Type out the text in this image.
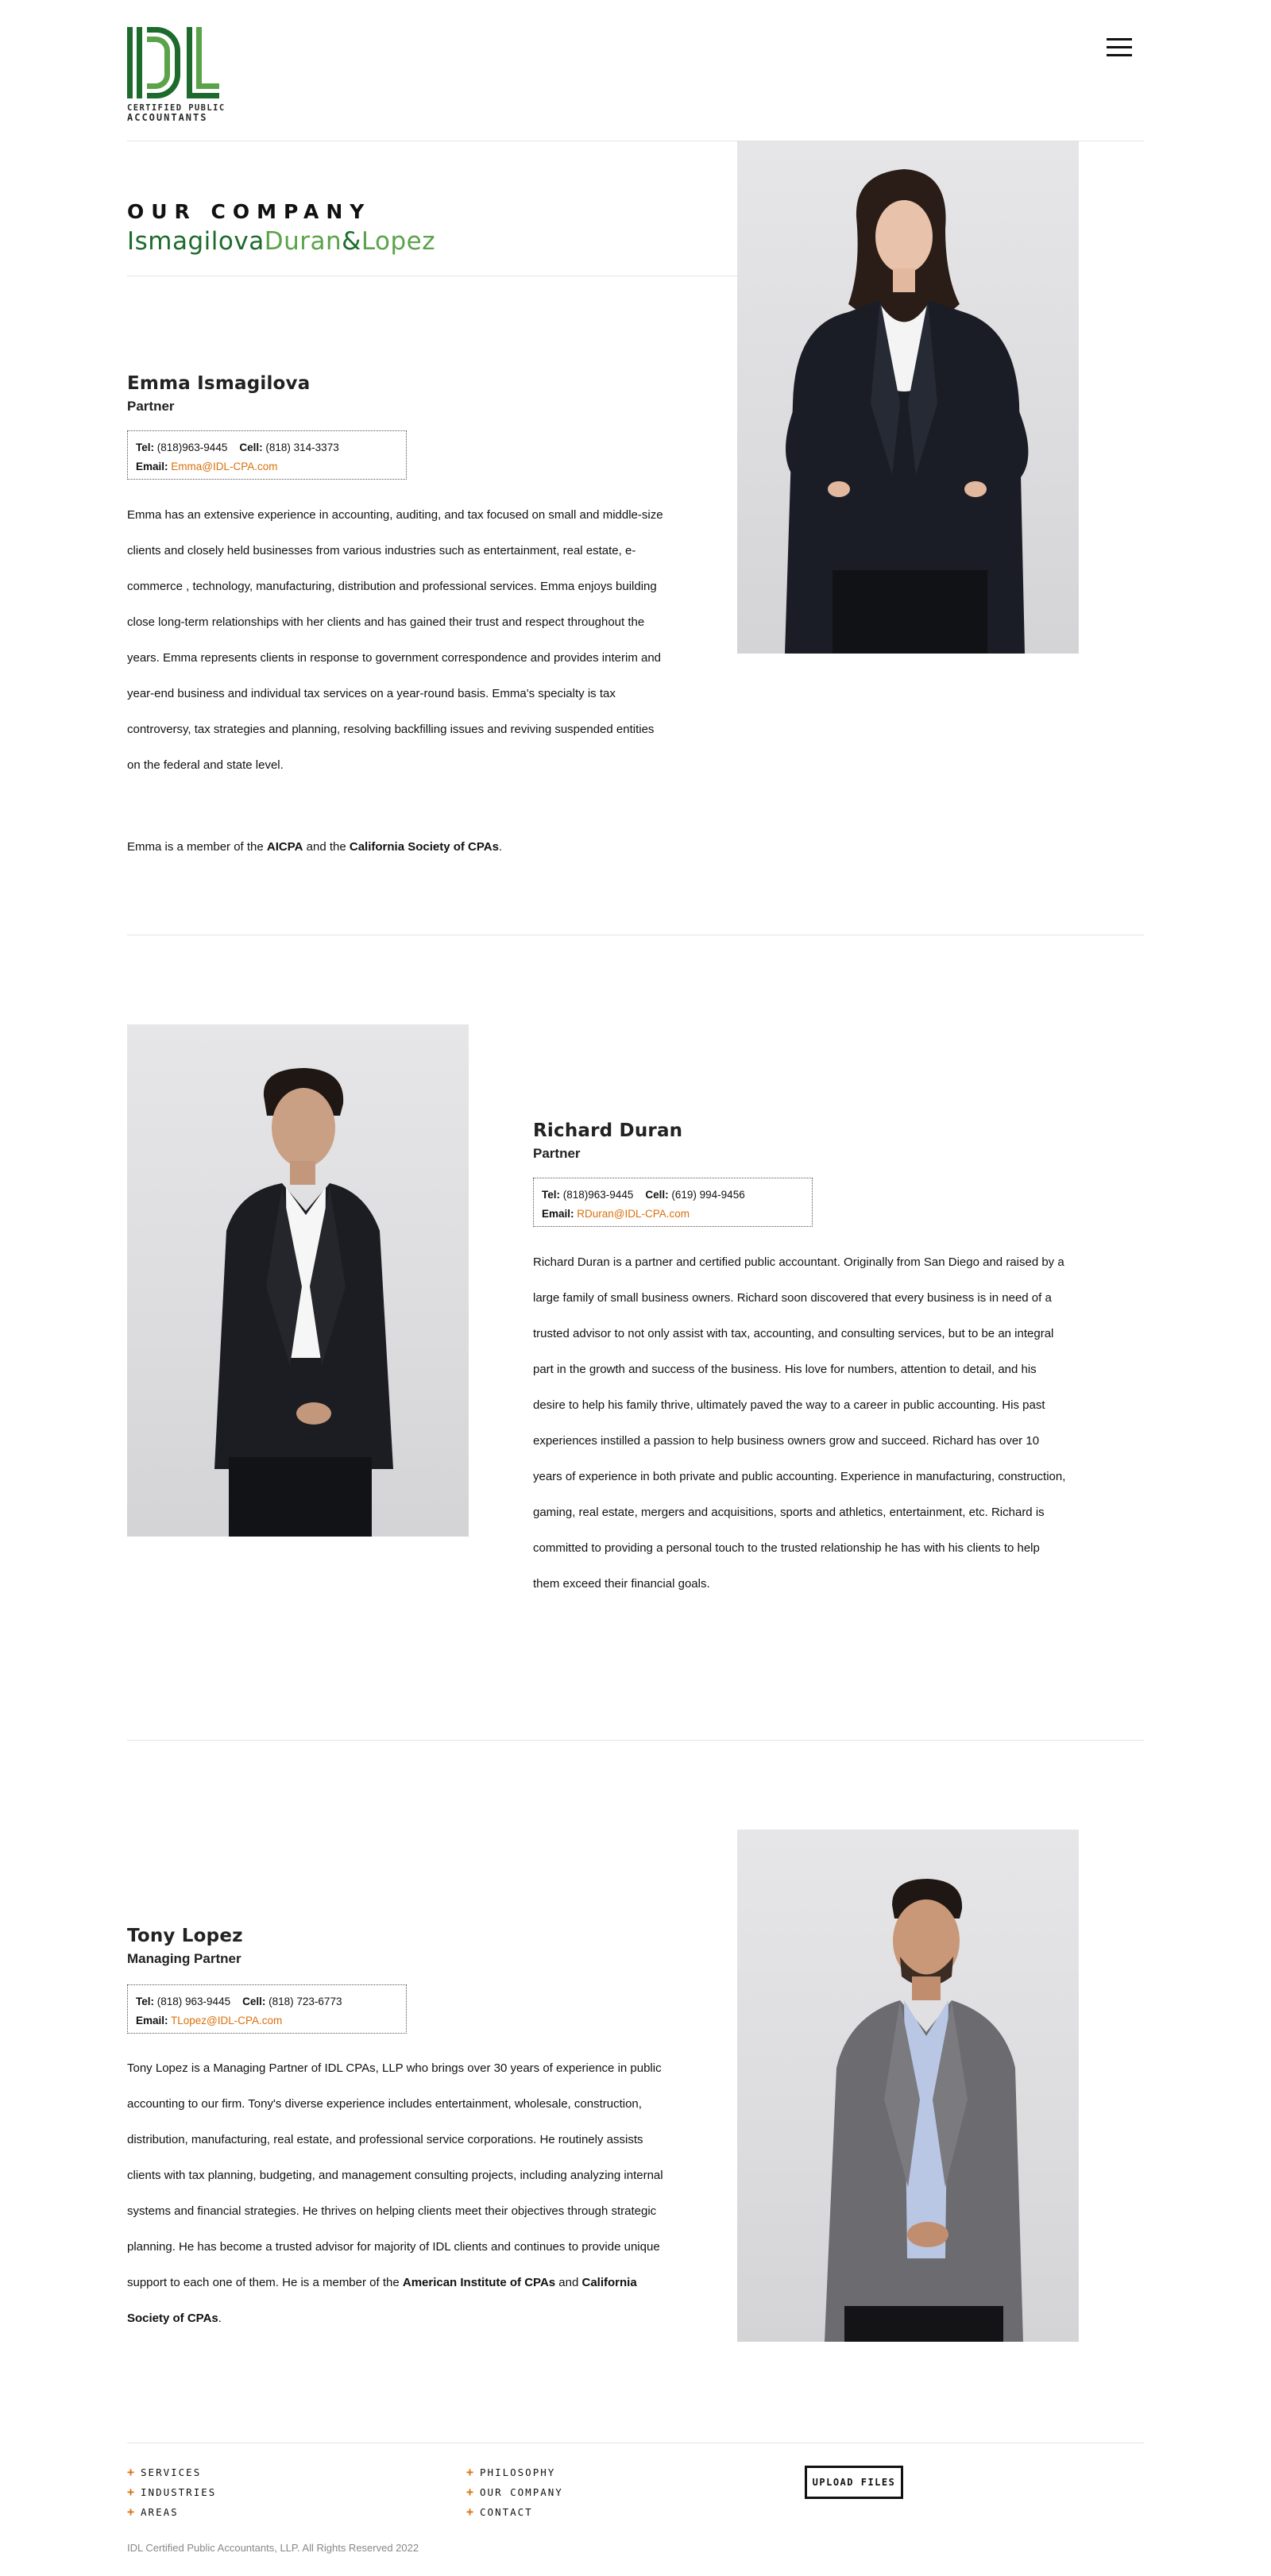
CERTIFIED PUBLIC
ACCOUNTANTS
OUR COMPANY
IsmagilovaDuran&Lopez
Emma Ismagilova
Partner
Tel: (818)963-9445 Cell: (818) 314-3373
Email: Emma@IDL-CPA.com
Emma has an extensive experience in accounting, auditing, and tax focused on small and middle-size clients and closely held businesses from various industries such as entertainment, real estate, e-commerce , technology, manufacturing, distribution and professional services. Emma enjoys building close long-term relationships with her clients and has gained their trust and respect throughout the years. Emma represents clients in response to government correspondence and provides interim and year-end business and individual tax services on a year-round basis. Emma's specialty is tax controversy, tax strategies and planning, resolving backfilling issues and reviving suspended entities on the federal and state level.
Emma is a member of the AICPA and the California Society of CPAs.
Richard Duran
Partner
Tel: (818)963-9445 Cell: (619) 994-9456
Email: RDuran@IDL-CPA.com
Richard Duran is a partner and certified public accountant. Originally from San Diego and raised by a large family of small business owners. Richard soon discovered that every business is in need of a trusted advisor to not only assist with tax, accounting, and consulting services, but to be an integral part in the growth and success of the business. His love for numbers, attention to detail, and his desire to help his family thrive, ultimately paved the way to a career in public accounting. His past experiences instilled a passion to help business owners grow and succeed. Richard has over 10 years of experience in both private and public accounting. Experience in manufacturing, construction, gaming, real estate, mergers and acquisitions, sports and athletics, entertainment, etc. Richard is committed to providing a personal touch to the trusted relationship he has with his clients to help them exceed their financial goals.
Tony Lopez
Managing Partner
Tel: (818) 963-9445 Cell: (818) 723-6773
Email: TLopez@IDL-CPA.com
Tony Lopez is a Managing Partner of IDL CPAs, LLP who brings over 30 years of experience in public accounting to our firm. Tony's diverse experience includes entertainment, wholesale, construction, distribution, manufacturing, real estate, and professional service corporations. He routinely assists clients with tax planning, budgeting, and management consulting projects, including analyzing internal systems and financial strategies. He thrives on helping clients meet their objectives through strategic planning. He has become a trusted advisor for majority of IDL clients and continues to provide unique support to each one of them. He is a member of the American Institute of CPAs and California Society of CPAs.
+ SERVICES
+ INDUSTRIES
+ AREAS
+ PHILOSOPHY
+ OUR COMPANY
+ CONTACT
UPLOAD FILES
IDL Certified Public Accountants, LLP. All Rights Reserved 2022
